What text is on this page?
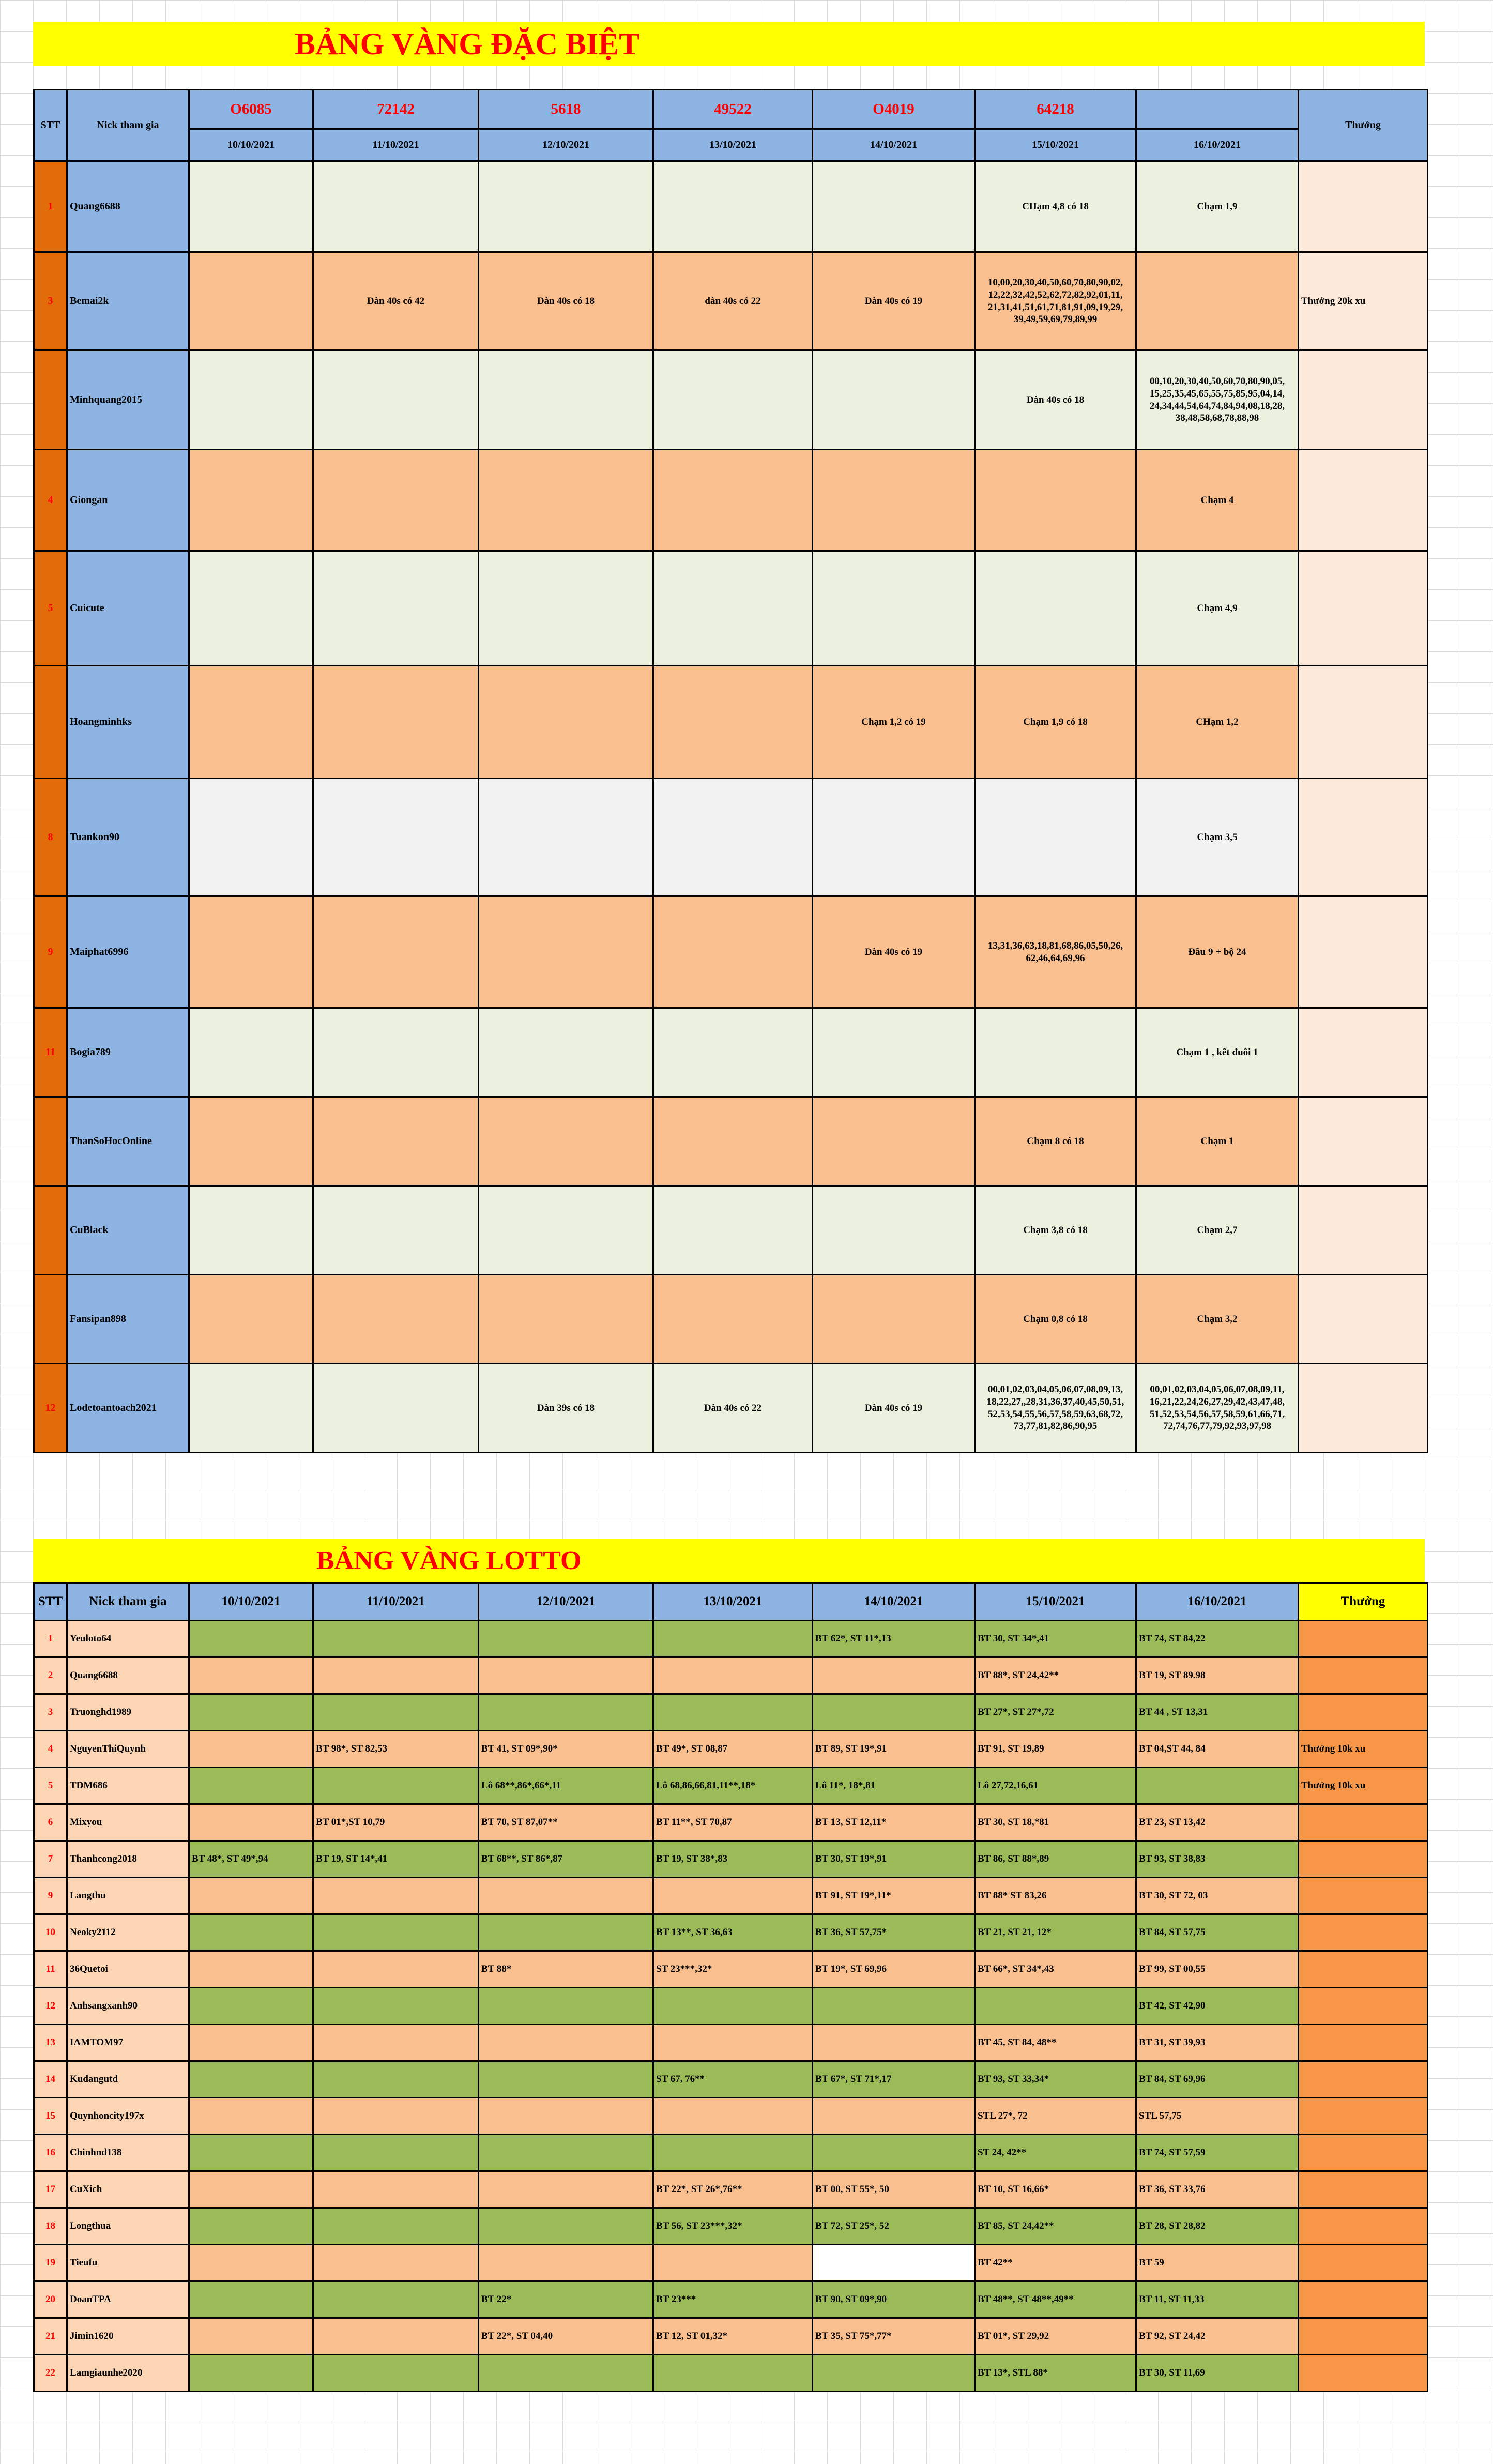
BẢNG VÀNG ĐẶC BIỆT
STT	Nick tham gia	O6085	72142	5618	49522	O4019	64218		Thưởng
		10/10/2021	11/10/2021	12/10/2021	13/10/2021	14/10/2021	15/10/2021	16/10/2021	
1	Quang6688						CHạm 4,8 có 18	Chạm 1,9	
3	Bemai2k		Dàn 40s có 42	Dàn 40s có 18	dàn 40s có 22	Dàn 40s có 19	10,00,20,30,40,50,60,70,80,90,02, 12,22,32,42,52,62,72,82,92,01,11, 21,31,41,51,61,71,81,91,09,19,29, 39,49,59,69,79,89,99		Thưởng 20k xu
	Minhquang2015						Dàn 40s có 18	00,10,20,30,40,50,60,70,80,90,05, 15,25,35,45,65,55,75,85,95,04,14, 24,34,44,54,64,74,84,94,08,18,28, 38,48,58,68,78,88,98	
4	Giongan							Chạm 4	
5	Cuicute							Chạm 4,9	
	Hoangminhks					Chạm 1,2 có 19	Chạm 1,9 có 18	CHạm 1,2	
8	Tuankon90							Chạm 3,5	
9	Maiphat6996					Dàn 40s có 19	13,31,36,63,18,81,68,86,05,50,26, 62,46,64,69,96	Đầu 9 + bộ 24	
11	Bogia789							Chạm 1 , kết đuôi 1	
	ThanSoHocOnline						Chạm 8 có 18	Chạm 1	
	CuBlack						Chạm 3,8 có 18	Chạm 2,7	
	Fansipan898						Chạm 0,8 có 18	Chạm 3,2	
12	Lodetoantoach2021			Dàn 39s có 18	Dàn 40s có 22	Dàn 40s có 19	00,01,02,03,04,05,06,07,08,09,13, 18,22,27,,28,31,36,37,40,45,50,51, 52,53,54,55,56,57,58,59,63,68,72, 73,77,81,82,86,90,95	00,01,02,03,04,05,06,07,08,09,11, 16,21,22,24,26,27,29,42,43,47,48, 51,52,53,54,56,57,58,59,61,66,71, 72,74,76,77,79,92,93,97,98	
BẢNG VÀNG LOTTO
STT	Nick tham gia	10/10/2021	11/10/2021	12/10/2021	13/10/2021	14/10/2021	15/10/2021	16/10/2021	Thưởng
1	Yeuloto64					BT 62*, ST 11*,13	BT 30, ST 34*,41	BT 74, ST 84,22	
2	Quang6688						BT 88*, ST 24,42**	BT 19, ST 89.98	
3	Truonghd1989						BT 27*, ST 27*,72	BT 44 , ST 13,31	
4	NguyenThiQuynh		BT 98*, ST 82,53	BT 41, ST 09*,90*	BT 49*, ST 08,87	BT 89, ST 19*,91	BT 91, ST 19,89	BT 04,ST 44, 84	Thưởng 10k xu
5	TDM686			Lô 68**,86*,66*,11	Lô 68,86,66,81,11**,18*	Lô 11*, 18*,81	Lô 27,72,16,61		Thưởng 10k xu
6	Mixyou		BT 01*,ST 10,79	BT 70, ST 87,07**	BT 11**, ST 70,87	BT 13, ST 12,11*	BT 30, ST 18,*81	BT 23, ST 13,42	
7	Thanhcong2018	BT 48*, ST 49*,94	BT 19, ST 14*,41	BT 68**, ST 86*,87	BT 19, ST 38*,83	BT 30, ST 19*,91	BT 86, ST 88*,89	BT 93, ST 38,83	
9	Langthu					BT 91, ST 19*,11*	BT 88* ST 83,26	BT 30, ST 72, 03	
10	Neoky2112				BT 13**, ST 36,63	BT 36, ST 57,75*	BT 21, ST 21, 12*	BT 84, ST 57,75	
11	36Quetoi			BT 88*	ST 23***,32*	BT 19*, ST 69,96	BT 66*, ST 34*,43	BT 99, ST 00,55	
12	Anhsangxanh90							BT 42, ST 42,90	
13	IAMTOM97						BT 45, ST 84, 48**	BT 31, ST 39,93	
14	Kudangutd				ST 67, 76**	BT 67*, ST 71*,17	BT 93, ST 33,34*	BT 84, ST 69,96	
15	Quynhoncity197x						STL 27*, 72	STL 57,75	
16	Chinhnd138						ST 24, 42**	BT 74, ST 57,59	
17	CuXich				BT 22*, ST 26*,76**	BT 00, ST 55*, 50	BT 10, ST 16,66*	BT 36, ST 33,76	
18	Longthua				BT 56, ST 23***,32*	BT 72, ST 25*, 52	BT 85, ST 24,42**	BT 28, ST 28,82	
19	Tieufu						BT 42**	BT 59	
20	DoanTPA			BT 22*	BT 23***	BT 90, ST 09*,90	BT 48**, ST 48**,49**	BT 11, ST 11,33	
21	Jimin1620			BT 22*, ST 04,40	BT 12, ST 01,32*	BT 35, ST 75*,77*	BT 01*, ST 29,92	BT 92, ST 24,42	
22	Lamgiaunhe2020						BT 13*, STL 88*	BT 30, ST 11,69	
